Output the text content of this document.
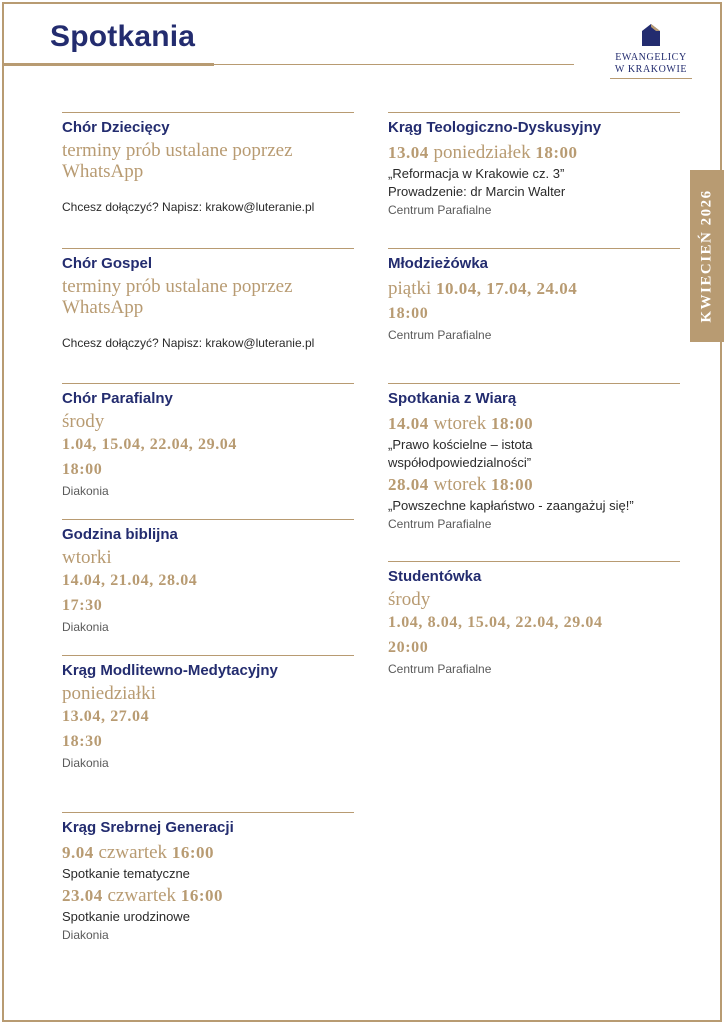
Spotkania
EWANGELICY
W KRAKOWIE
KWIECIEŃ 2026
Chór Dziecięcy
terminy prób ustalane poprzez WhatsApp
Chcesz dołączyć? Napisz: krakow@luteranie.pl
Chór Gospel
terminy prób ustalane poprzez WhatsApp
Chcesz dołączyć? Napisz: krakow@luteranie.pl
Chór Parafialny
środy
1.04, 15.04, 22.04, 29.04
18:00
Diakonia
Godzina biblijna
wtorki
14.04, 21.04, 28.04
17:30
Diakonia
Krąg Modlitewno-Medytacyjny
poniedziałki
13.04, 27.04
18:30
Diakonia
Krąg Srebrnej Generacji
9.04 czwartek 16:00
Spotkanie tematyczne
23.04 czwartek 16:00
Spotkanie urodzinowe
Diakonia
Krąg Teologiczno-Dyskusyjny
13.04 poniedziałek 18:00
„Reformacja w Krakowie cz. 3”
Prowadzenie: dr Marcin Walter
Centrum Parafialne
Młodzieżówka
piątki 10.04, 17.04, 24.04
18:00
Centrum Parafialne
Spotkania z Wiarą
14.04 wtorek 18:00
„Prawo kościelne – istota współodpowiedzialności”
28.04 wtorek 18:00
„Powszechne kapłaństwo - zaangażuj się!”
Centrum Parafialne
Studentówka
środy
1.04, 8.04, 15.04, 22.04, 29.04
20:00
Centrum Parafialne
